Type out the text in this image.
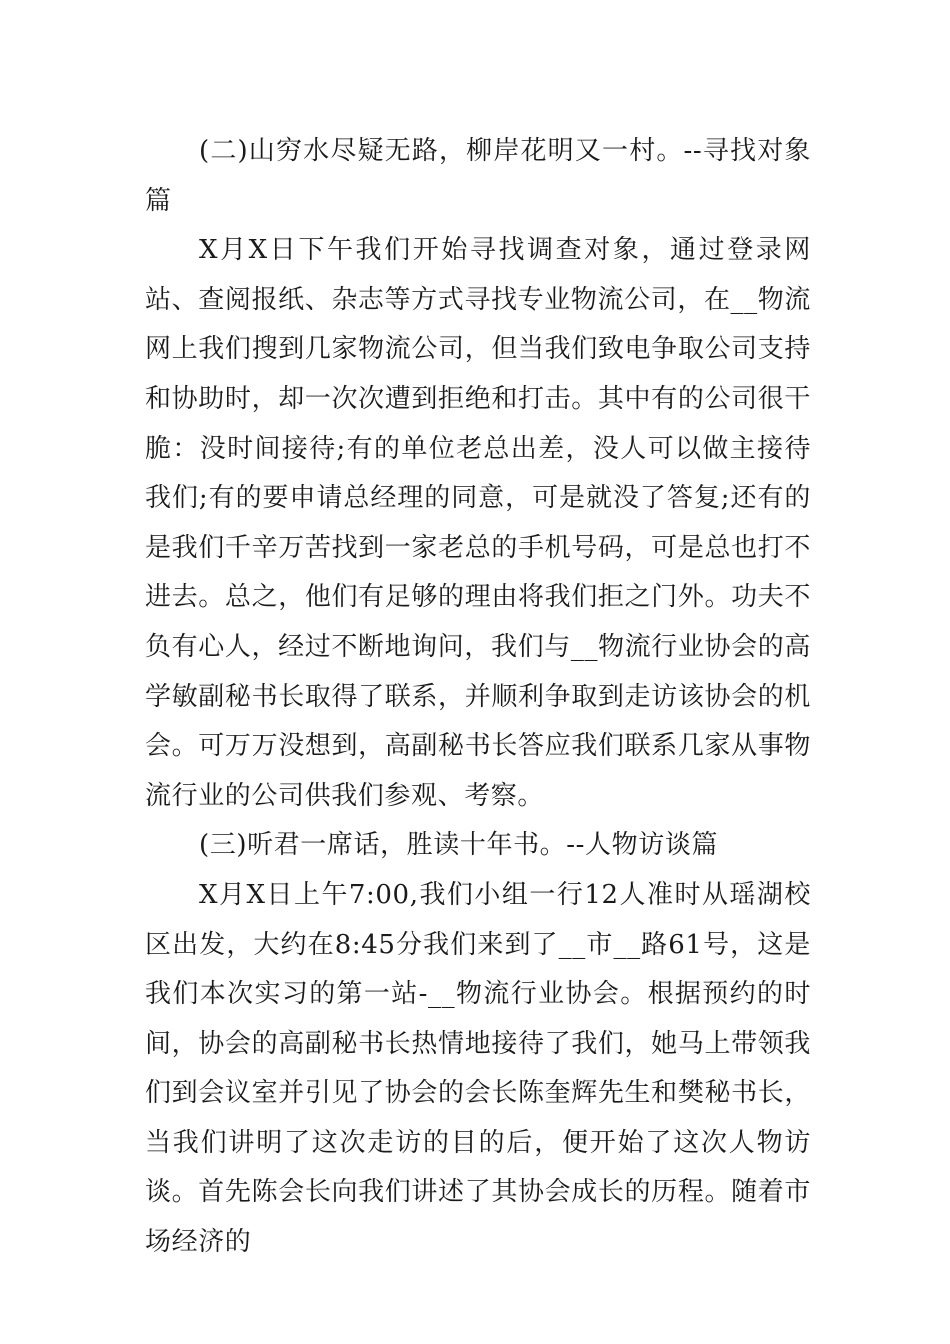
(二)山穷水尽疑无路，柳岸花明又一村。--寻找对象篇

X月X日下午我们开始寻找调查对象，通过登录网站、查阅报纸、杂志等方式寻找专业物流公司，在__物流网上我们搜到几家物流公司，但当我们致电争取公司支持和协助时，却一次次遭到拒绝和打击。其中有的公司很干脆：没时间接待;有的单位老总出差，没人可以做主接待我们;有的要申请总经理的同意，可是就没了答复;还有的是我们千辛万苦找到一家老总的手机号码，可是总也打不进去。总之，他们有足够的理由将我们拒之门外。功夫不负有心人，经过不断地询问，我们与__物流行业协会的高学敏副秘书长取得了联系，并顺利争取到走访该协会的机会。可万万没想到，高副秘书长答应我们联系几家从事物流行业的公司供我们参观、考察。

(三)听君一席话，胜读十年书。--人物访谈篇

X月X日上午7:00,我们小组一行12人准时从瑶湖校区出发，大约在8:45分我们来到了__市__路61号，这是我们本次实习的第一站-__物流行业协会。根据预约的时间，协会的高副秘书长热情地接待了我们，她马上带领我们到会议室并引见了协会的会长陈奎辉先生和樊秘书长，当我们讲明了这次走访的目的后，便开始了这次人物访谈。首先陈会长向我们讲述了其协会成长的历程。随着市场经济的
